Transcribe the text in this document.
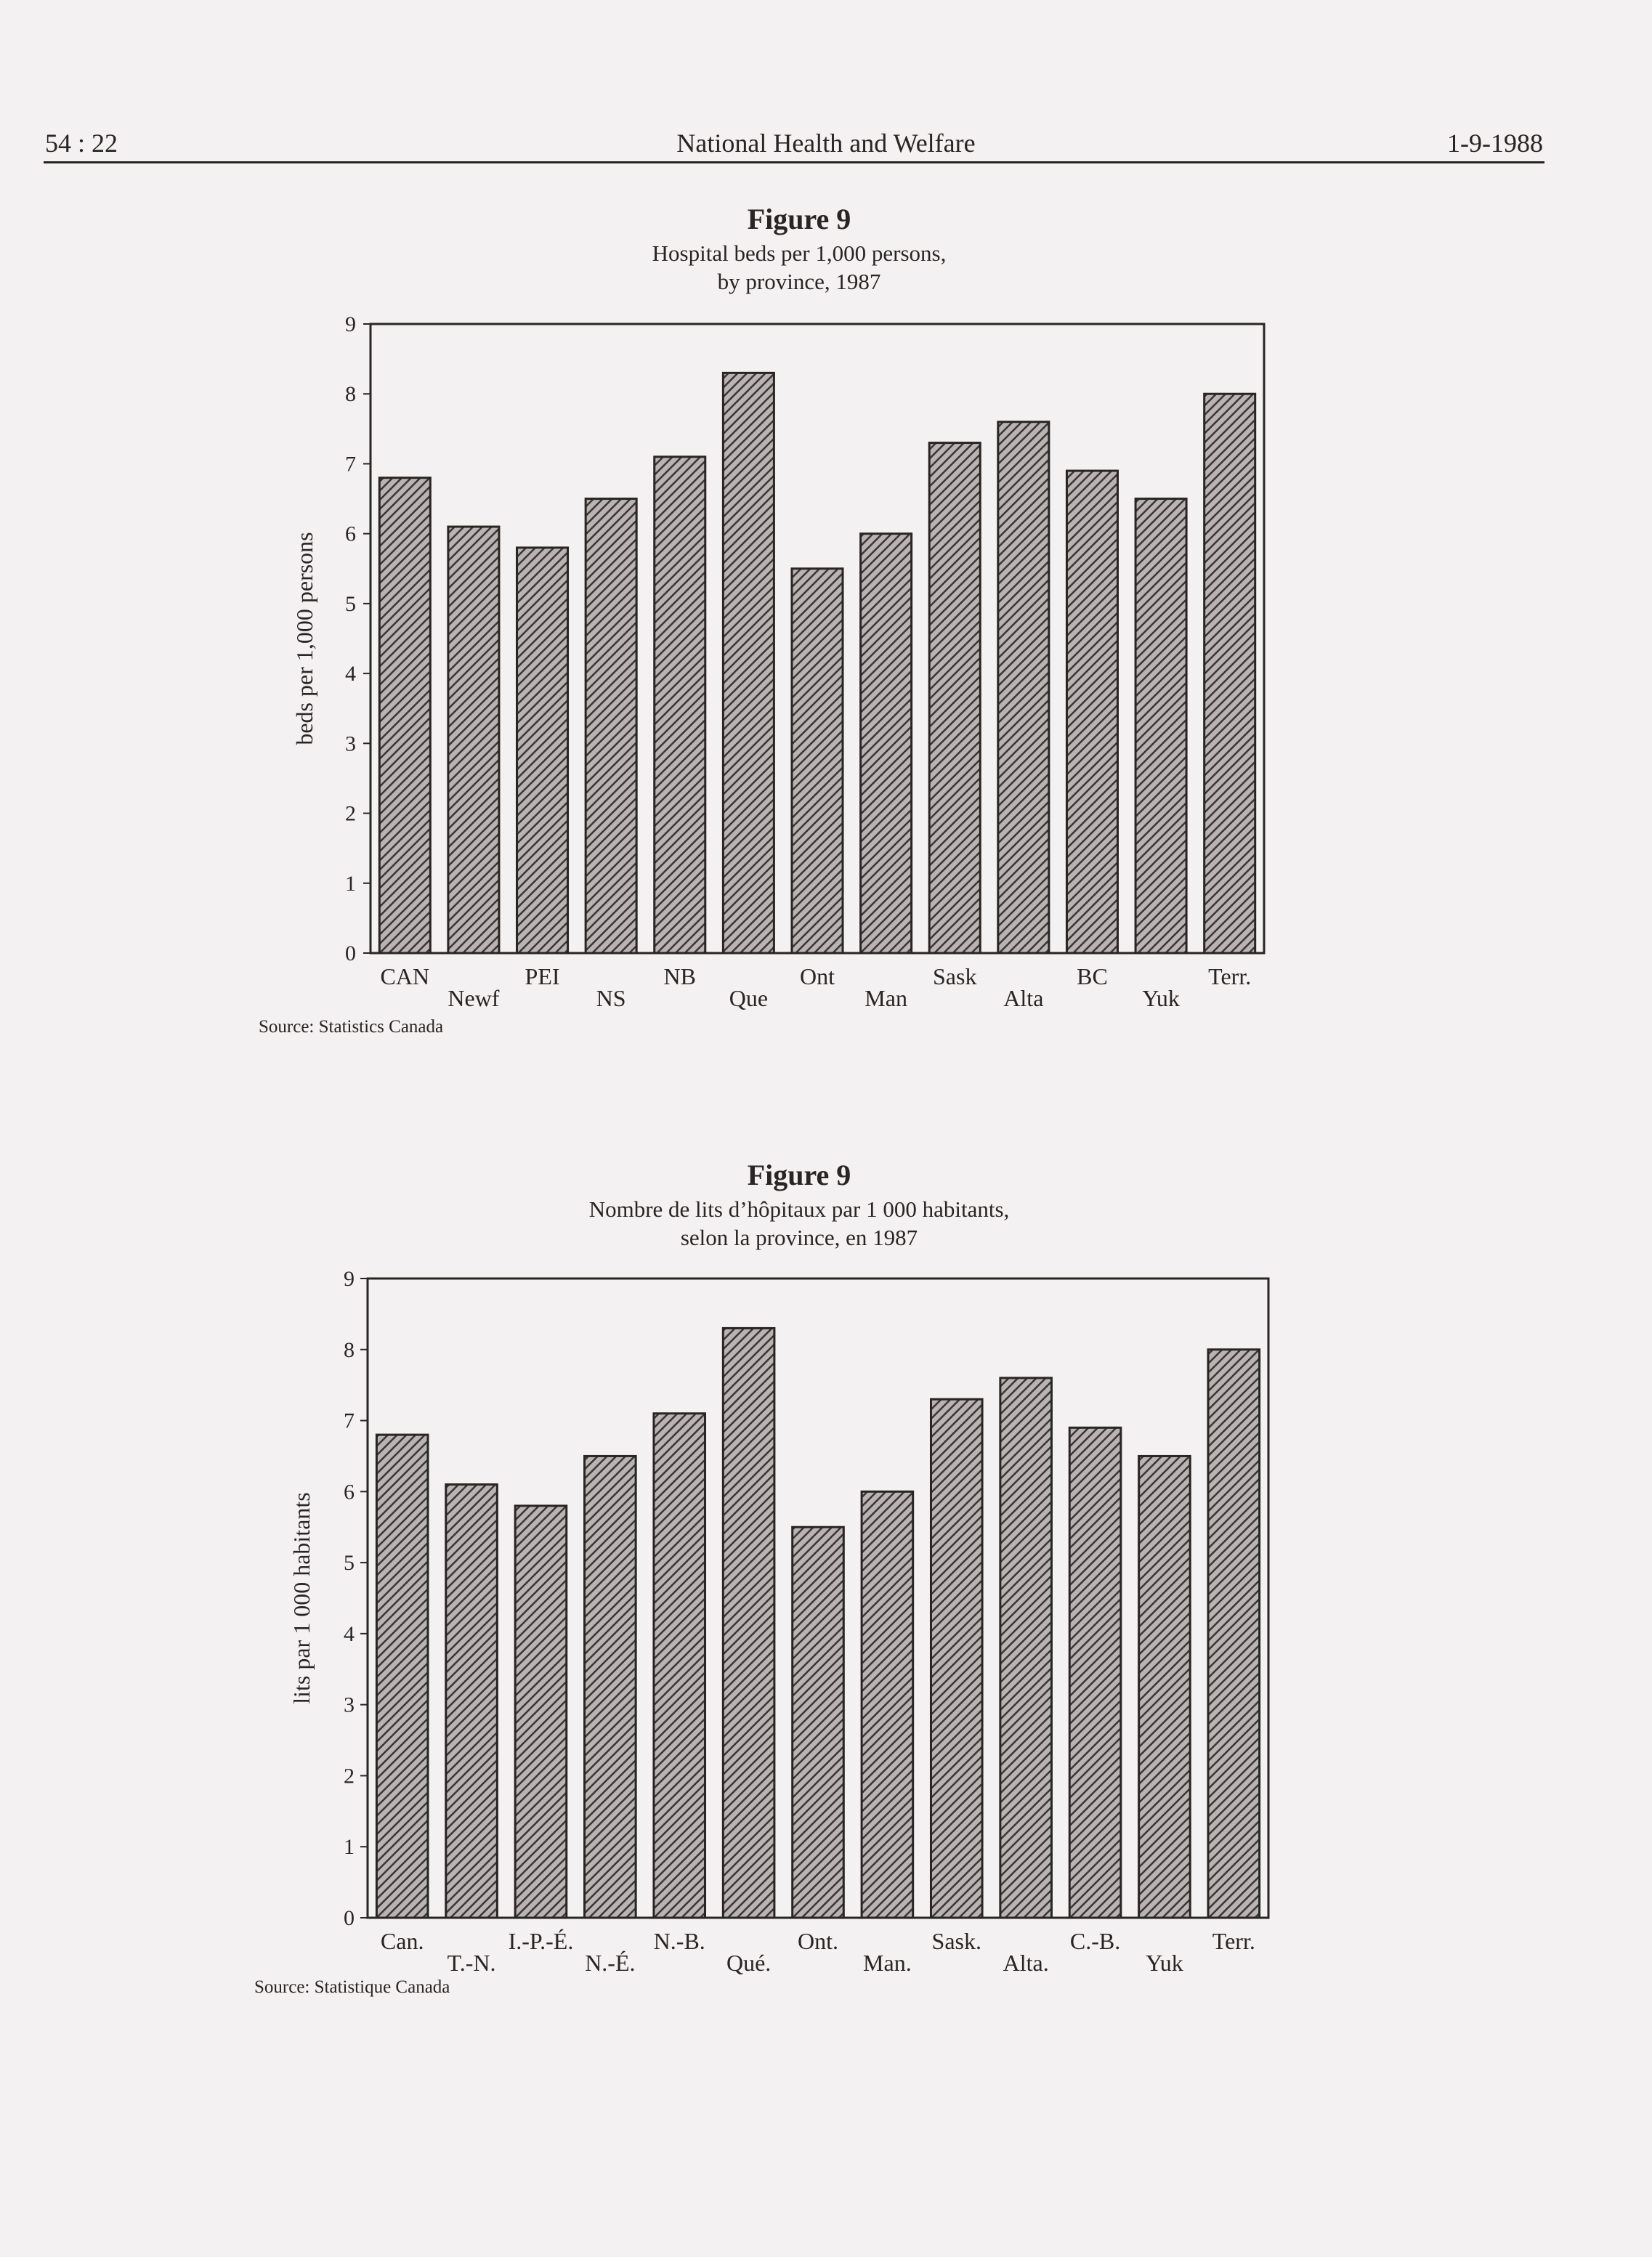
54 : 22	National Health and Welfare	1-9-1988
Figure 9
Hospital beds per 1,000 persons,
by province, 1987
0
1
2
3
4
5
6
7
8
9
beds per 1,000 persons
CAN
Newf
PEI
NS
NB
Que
Ont
Man
Sask
Alta
BC
Yuk
Terr.
Source: Statistics Canada
Figure 9
Nombre de lits d’hôpitaux par 1 000 habitants,
selon la province, en 1987
0
1
2
3
4
5
6
7
8
9
lits par 1 000 habitants
Can.
T.-N.
I.-P.-É.
N.-É.
N.-B.
Qué.
Ont.
Man.
Sask.
Alta.
C.-B.
Yuk
Terr.
Source: Statistique Canada
